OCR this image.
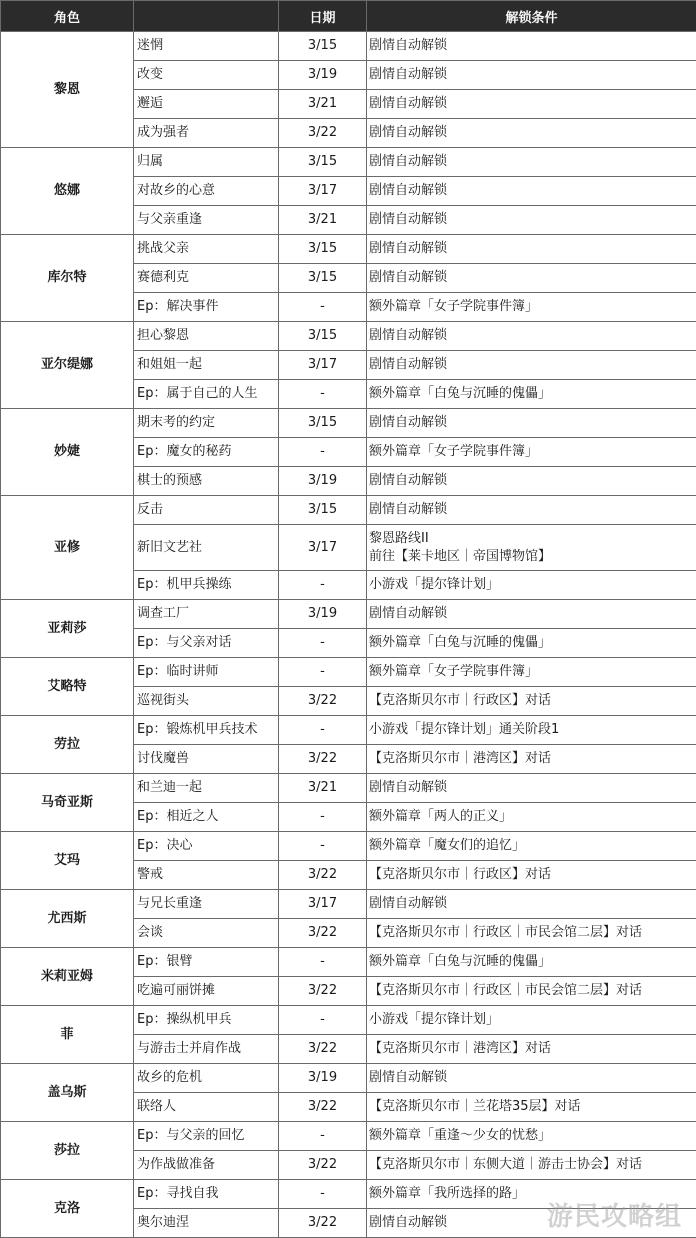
角色		日期	解锁条件
黎恩	迷惘	3/15	剧情自动解锁
	改变	3/19	剧情自动解锁
	邂逅	3/21	剧情自动解锁
	成为强者	3/22	剧情自动解锁
悠娜	归属	3/15	剧情自动解锁
	对故乡的心意	3/17	剧情自动解锁
	与父亲重逢	3/21	剧情自动解锁
库尔特	挑战父亲	3/15	剧情自动解锁
	赛德利克	3/15	剧情自动解锁
	Ep：解决事件	-	额外篇章「女子学院事件簿」
亚尔缇娜	担心黎恩	3/15	剧情自动解锁
	和姐姐一起	3/17	剧情自动解锁
	Ep：属于自己的人生	-	额外篇章「白兔与沉睡的傀儡」
妙婕	期末考的约定	3/15	剧情自动解锁
	Ep：魔女的秘药	-	额外篇章「女子学院事件簿」
	棋士的预感	3/19	剧情自动解锁
亚修	反击	3/15	剧情自动解锁
	新旧文艺社	3/17	黎恩路线II
前往【莱卡地区｜帝国博物馆】

	Ep：机甲兵操练	-	小游戏「提尔锋计划」
亚莉莎	调查工厂	3/19	剧情自动解锁
	Ep：与父亲对话	-	额外篇章「白兔与沉睡的傀儡」
艾略特	Ep：临时讲师	-	额外篇章「女子学院事件簿」
	巡视街头	3/22	【克洛斯贝尔市｜行政区】对话
劳拉	Ep：锻炼机甲兵技术	-	小游戏「提尔锋计划」通关阶段1
	讨伐魔兽	3/22	【克洛斯贝尔市｜港湾区】对话
马奇亚斯	和兰迪一起	3/21	剧情自动解锁
	Ep：相近之人	-	额外篇章「两人的正义」
艾玛	Ep：决心	-	额外篇章「魔女们的追忆」
	警戒	3/22	【克洛斯贝尔市｜行政区】对话
尤西斯	与兄长重逢	3/17	剧情自动解锁
	会谈	3/22	【克洛斯贝尔市｜行政区｜市民会馆二层】对话
米莉亚姆	Ep：银臂	-	额外篇章「白兔与沉睡的傀儡」
	吃遍可丽饼摊	3/22	【克洛斯贝尔市｜行政区｜市民会馆二层】对话
菲	Ep：操纵机甲兵	-	小游戏「提尔锋计划」
	与游击士并肩作战	3/22	【克洛斯贝尔市｜港湾区】对话
盖乌斯	故乡的危机	3/19	剧情自动解锁
	联络人	3/22	【克洛斯贝尔市｜兰花塔35层】对话
莎拉	Ep：与父亲的回忆	-	额外篇章「重逢～少女的忧愁」
	为作战做准备	3/22	【克洛斯贝尔市｜东侧大道｜游击士协会】对话
克洛	Ep：寻找自我	-	额外篇章「我所选择的路」
	奥尔迪涅	3/22	剧情自动解锁	游民攻略组
